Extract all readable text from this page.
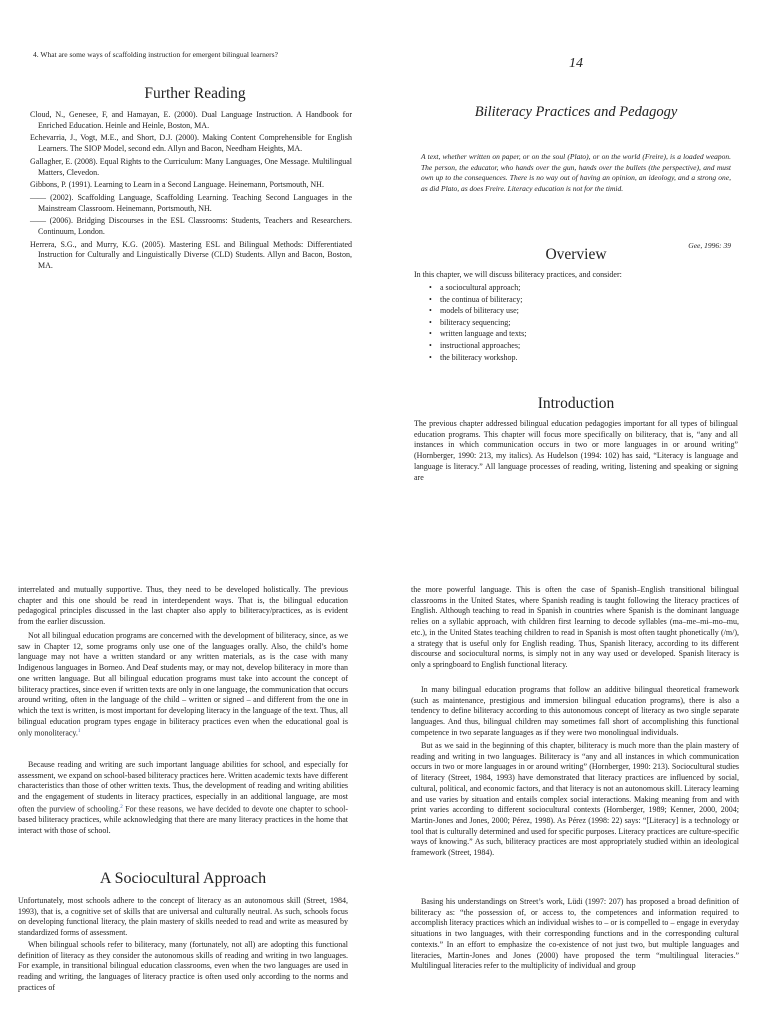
4. What are some ways of scaffolding instruction for emergent bilingual learners?

Further Reading

Cloud, N., Genesee, F, and Hamayan, E. (2000). Dual Language Instruction. A Handbook for Enriched Education. Heinle and Heinle, Boston, MA.

Echevarria, J., Vogt, M.E., and Short, D.J. (2000). Making Content Comprehensible for English Learners. The SIOP Model, second edn. Allyn and Bacon, Needham Heights, MA.

Gallagher, E. (2008). Equal Rights to the Curriculum: Many Languages, One Message. Multilingual Matters, Clevedon.

Gibbons, P. (1991). Learning to Learn in a Second Language. Heinemann, Portsmouth, NH.

—— (2002). Scaffolding Language, Scaffolding Learning. Teaching Second Languages in the Mainstream Classroom. Heinemann, Portsmouth, NH.

—— (2006). Bridging Discourses in the ESL Classrooms: Students, Teachers and Researchers. Continuum, London.

Herrera, S.G., and Murry, K.G. (2005). Mastering ESL and Bilingual Methods: Differentiated Instruction for Culturally and Linguistically Diverse (CLD) Students. Allyn and Bacon, Boston, MA.

14
Biliteracy Practices and Pedagogy

A text, whether written on paper, or on the soul (Plato), or on the world (Freire), is a loaded weapon. The person, the educator, who hands over the gun, hands over the bullets (the perspective), and must own up to the consequences. There is no way out of having an opinion, an ideology, and a strong one, as did Plato, as does Freire. Literacy education is not for the timid.

Gee, 1996: 39
Overview

In this chapter, we will discuss biliteracy practices, and consider:

• a sociocultural approach;
• the continua of biliteracy;
• models of biliteracy use;
• biliteracy sequencing;
• written language and texts;
• instructional approaches;
• the biliteracy workshop.
Introduction

The previous chapter addressed bilingual education pedagogies important for all types of bilingual education programs. This chapter will focus more specifically on biliteracy, that is, “any and all instances in which communication occurs in two or more languages in or around writing” (Hornberger, 1990: 213, my italics). As Hudelson (1994: 102) has said, “Literacy is language and language is literacy.” All language processes of reading, writing, listening and speaking or signing are

interrelated and mutually supportive. Thus, they need to be developed holistically. The previous chapter and this one should be read in interdependent ways. That is, the bilingual education pedagogical principles discussed in the last chapter also apply to biliteracy/practices, as is evident from the earlier discussion.

Not all bilingual education programs are concerned with the development of biliteracy, since, as we saw in Chapter 12, some programs only use one of the languages orally. Also, the child’s home language may not have a written standard or any written materials, as is the case with many Indigenous languages in Borneo. And Deaf students may, or may not, develop biliteracy in more than one written language. But all bilingual education programs must take into account the concept of biliteracy practices, since even if written texts are only in one language, the communication that occurs around writing, often in the language of the child – written or signed – and different from the one in which the text is written, is most important for developing literacy in the language of the text. Thus, all bilingual education program types engage in biliteracy practices even when the educational goal is only monoliteracy.$^1$

Because reading and writing are such important language abilities for school, and especially for assessment, we expand on school-based biliteracy practices here. Written academic texts have different characteristics than those of other written texts. Thus, the development of reading and writing abilities and the engagement of students in literacy practices, especially in an additional language, are most often the purview of schooling.$^2$ For these reasons, we have decided to devote one chapter to school-based biliteracy practices, while acknowledging that there are many literacy practices in the home that interact with those of school.

A Sociocultural Approach

Unfortunately, most schools adhere to the concept of literacy as an autonomous skill (Street, 1984, 1993), that is, a cognitive set of skills that are universal and culturally neutral. As such, schools focus on developing functional literacy, the plain mastery of skills needed to read and write as measured by standardized forms of assessment.

When bilingual schools refer to biliteracy, many (fortunately, not all) are adopting this functional definition of literacy as they consider the autonomous skills of reading and writing in two languages. For example, in transitional bilingual education classrooms, even when the two languages are used in reading and writing, the languages of literacy practice is often used only according to the norms and practices of

the more powerful language. This is often the case of Spanish–English transitional bilingual classrooms in the United States, where Spanish reading is taught following the literacy practices of English. Although teaching to read in Spanish in countries where Spanish is the dominant language relies on a syllabic approach, with children first learning to decode syllables (ma–me–mi–mo–mu, etc.), in the United States teaching children to read in Spanish is most often taught phonetically (/m/), a strategy that is useful only for English reading. Thus, Spanish literacy, according to its different discourse and sociocultural norms, is simply not in any way used or developed. Spanish literacy is only a springboard to English functional literacy.

In many bilingual education programs that follow an additive bilingual theoretical framework (such as maintenance, prestigious and immersion bilingual education programs), there is also a tendency to define biliteracy according to this autonomous concept of literacy as two single separate languages. And thus, bilingual children may sometimes fall short of accomplishing this functional competence in two separate languages as if they were two monolingual individuals.

But as we said in the beginning of this chapter, biliteracy is much more than the plain mastery of reading and writing in two languages. Biliteracy is “any and all instances in which communication occurs in two or more languages in or around writing” (Hornberger, 1990: 213). Sociocultural studies of literacy (Street, 1984, 1993) have demonstrated that literacy practices are influenced by social, cultural, political, and economic factors, and that literacy is not an autonomous skill. Literacy learning and use varies by situation and entails complex social interactions. Making meaning from and with print varies according to different sociocultural contexts (Hornberger, 1989; Kenner, 2000, 2004; Martin-Jones and Jones, 2000; Pérez, 1998). As Pérez (1998: 22) says: “[Literacy] is a technology or tool that is culturally determined and used for specific purposes. Literacy practices are culture-specific ways of knowing.” As such, biliteracy practices are most appropriately studied within an ideological framework (Street, 1984).

Basing his understandings on Street’s work, Lüdi (1997: 207) has proposed a broad definition of biliteracy as: “the possession of, or access to, the competences and information required to accomplish literacy practices which an individual wishes to – or is compelled to – engage in everyday situations in two languages, with their corresponding functions and in the corresponding cultural contexts.” In an effort to emphasize the co-existence of not just two, but multiple languages and literacies, Martin-Jones and Jones (2000) have proposed the term “multilingual literacies.” Multilingual literacies refer to the multiplicity of individual and group
